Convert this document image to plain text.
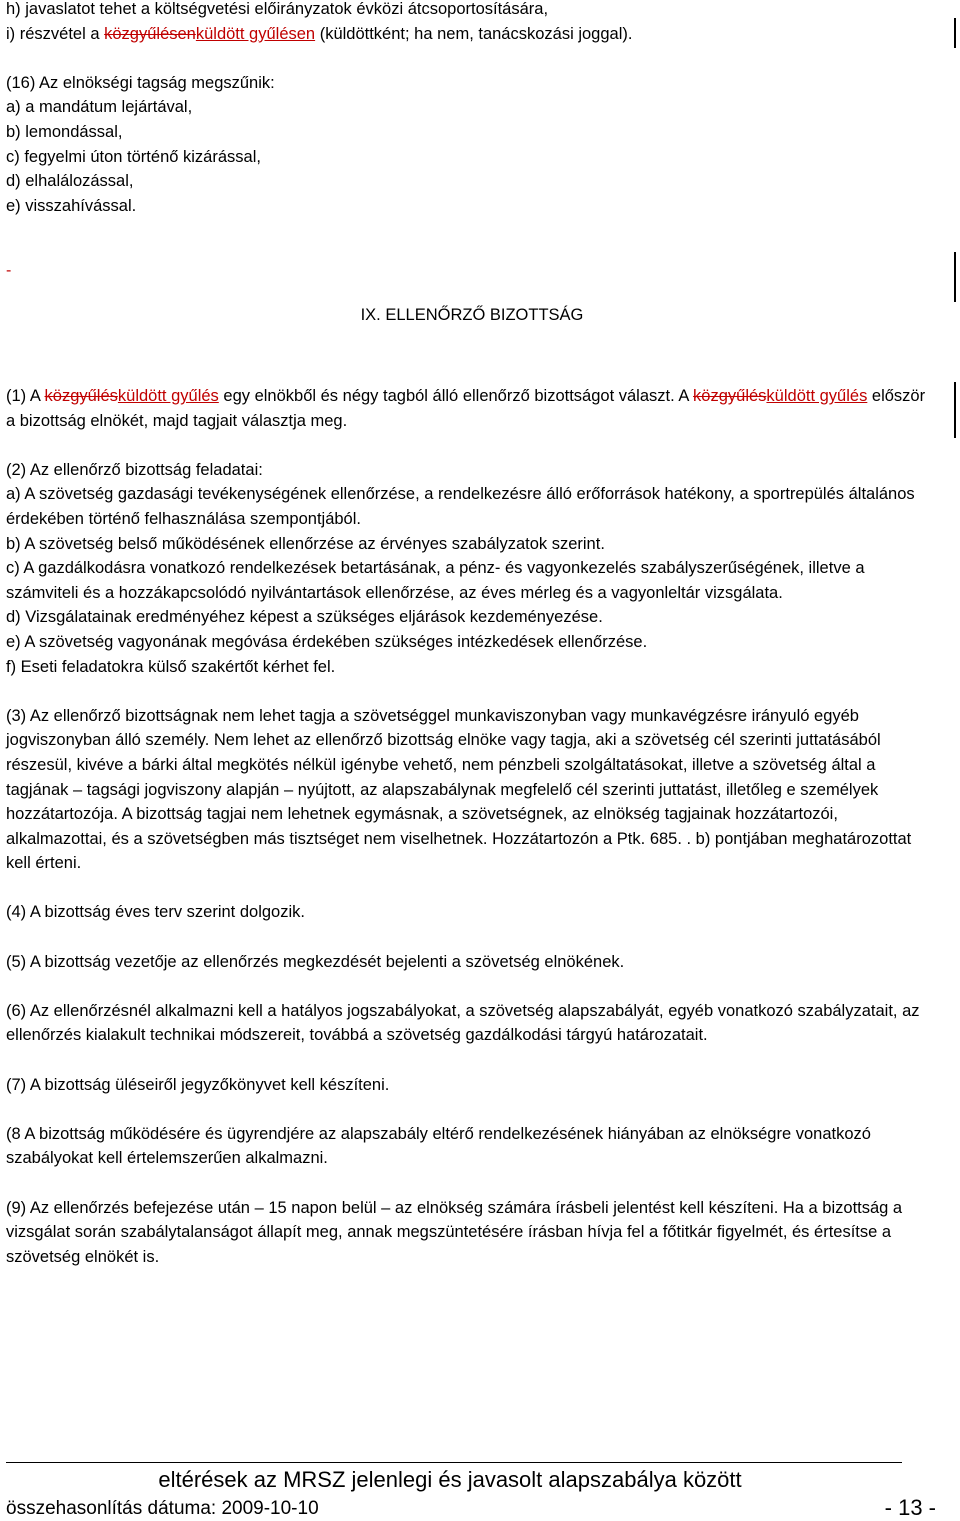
h) javaslatot tehet a költségvetési előirányzatok évközi átcsoportosítására,

i) részvétel a közgyűlésenküldött gyűlésen (küldöttként; ha nem, tanácskozási joggal).

(16) Az elnökségi tagság megszűnik:

a) a mandátum lejártával,

b) lemondással,

c) fegyelmi úton történő kizárással,

d) elhalálozással,

e) visszahívással.

-
IX. ELLENŐRZŐ BIZOTTSÁG

(1) A közgyűlésküldött gyűlés egy elnökből és négy tagból álló ellenőrző bizottságot választ. A közgyűlésküldött gyűlés először a bizottság elnökét, majd tagjait választja meg.

(2) Az ellenőrző bizottság feladatai:

a) A szövetség gazdasági tevékenységének ellenőrzése, a rendelkezésre álló erőforrások hatékony, a sportrepülés általános érdekében történő felhasználása szempontjából.

b) A szövetség belső működésének ellenőrzése az érvényes szabályzatok szerint.

c) A gazdálkodásra vonatkozó rendelkezések betartásának, a pénz- és vagyonkezelés szabályszerűségének, illetve a számviteli és a hozzákapcsolódó nyilvántartások ellenőrzése, az éves mérleg és a vagyonleltár vizsgálata.

d) Vizsgálatainak eredményéhez képest a szükséges eljárások kezdeményezése.

e) A szövetség vagyonának megóvása érdekében szükséges intézkedések ellenőrzése.

f) Eseti feladatokra külső szakértőt kérhet fel.

(3) Az ellenőrző bizottságnak nem lehet tagja a szövetséggel munkaviszonyban vagy munkavégzésre irányuló egyéb jogviszonyban álló személy. Nem lehet az ellenőrző bizottság elnöke vagy tagja, aki a szövetség cél szerinti juttatásából részesül, kivéve a bárki által megkötés nélkül igénybe vehető, nem pénzbeli szolgáltatásokat, illetve a szövetség által a tagjának – tagsági jogviszony alapján – nyújtott, az alapszabálynak megfelelő cél szerinti juttatást, illetőleg e személyek hozzátartozója. A bizottság tagjai nem lehetnek egymásnak, a szövetségnek, az elnökség tagjainak hozzátartozói, alkalmazottai, és a szövetségben más tisztséget nem viselhetnek. Hozzátartozón a Ptk. 685. . b) pontjában meghatározottat kell érteni.

(4) A bizottság éves terv szerint dolgozik.

(5) A bizottság vezetője az ellenőrzés megkezdését bejelenti a szövetség elnökének.

(6) Az ellenőrzésnél alkalmazni kell a hatályos jogszabályokat, a szövetség alapszabályát, egyéb vonatkozó szabályzatait, az ellenőrzés kialakult technikai módszereit, továbbá a szövetség gazdálkodási tárgyú határozatait.

(7) A bizottság üléseiről jegyzőkönyvet kell készíteni.

(8 A bizottság működésére és ügyrendjére az alapszabály eltérő rendelkezésének hiányában az elnökségre vonatkozó szabályokat kell értelemszerűen alkalmazni.

(9) Az ellenőrzés befejezése után – 15 napon belül – az elnökség számára írásbeli jelentést kell készíteni. Ha a bizottság a vizsgálat során szabálytalanságot állapít meg, annak megszüntetésére írásban hívja fel a főtitkár figyelmét, és értesítse a szövetség elnökét is.

eltérések az MRSZ jelenlegi és javasolt alapszabálya között
összehasonlítás dátuma: 2009-10-10	- 13 -
